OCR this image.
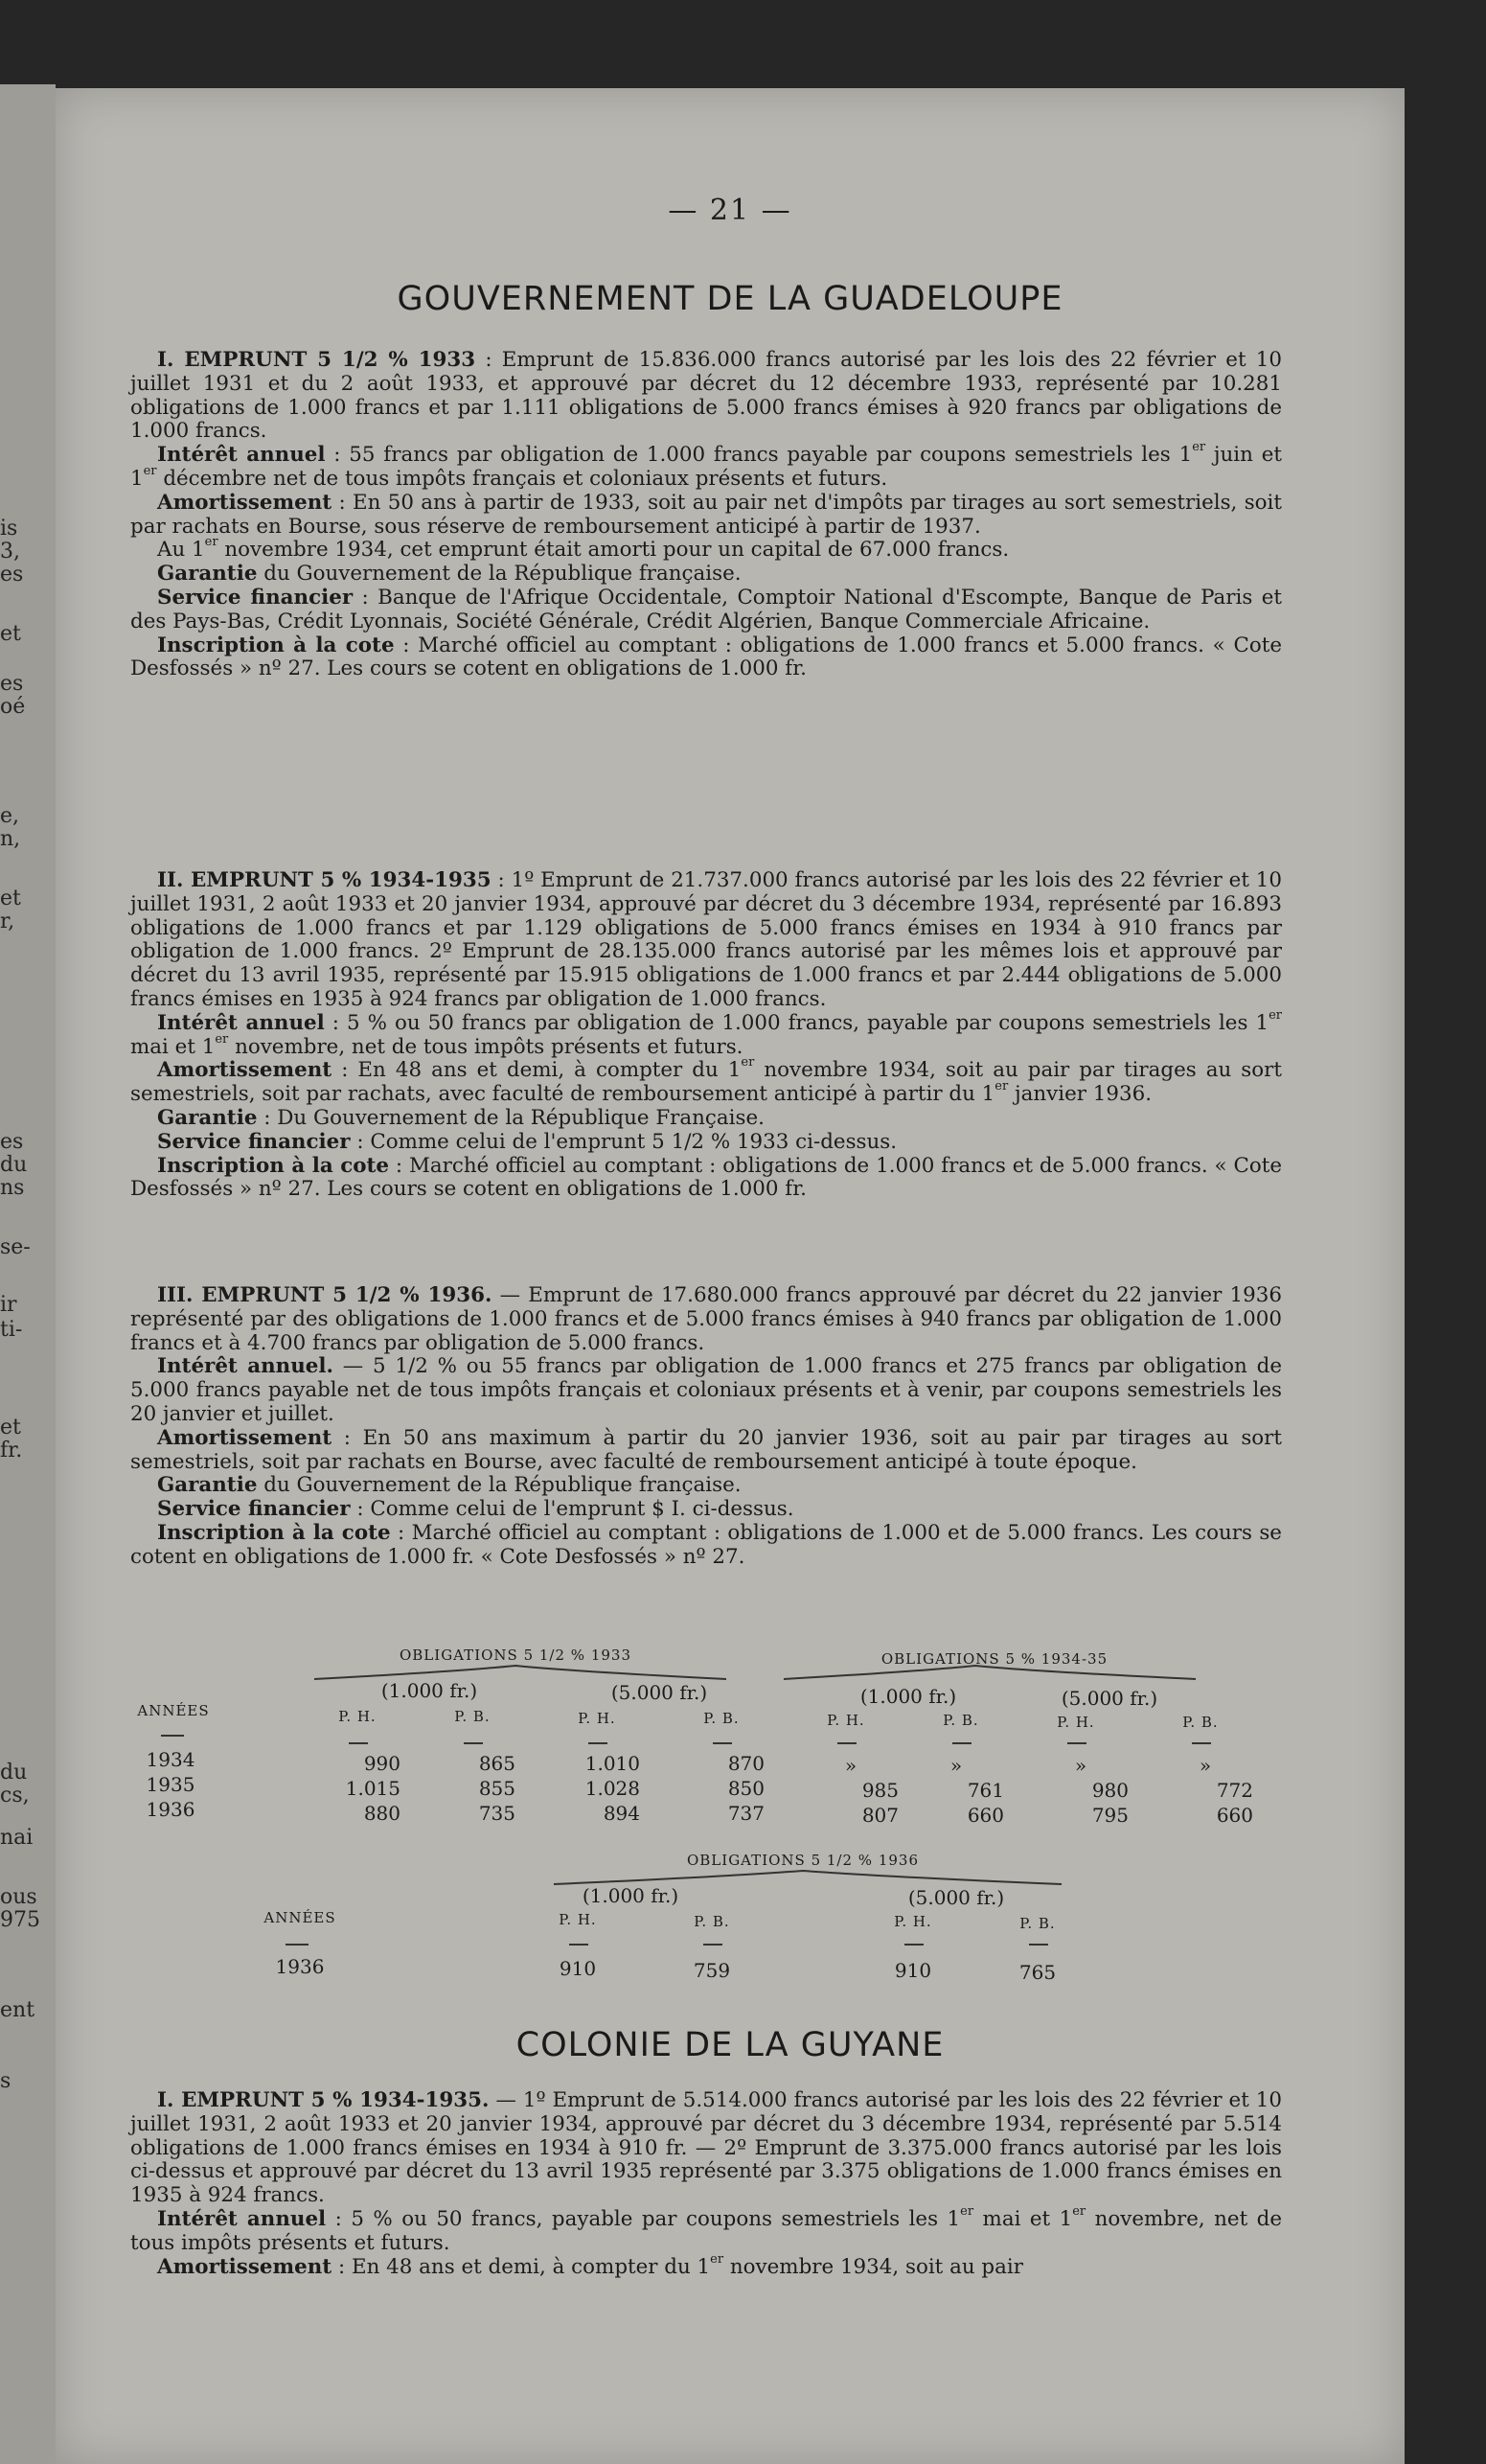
is
3,
es
et
es
oé
e,
n,
et
r,
es
du
ns
se-
ir
ti-
et
fr.
du
cs,
nai
ous
975
ent
s
— 21 —
GOUVERNEMENT DE LA GUADELOUPE

I. EMPRUNT 5 1/2 % 1933 : Emprunt de 15.836.000 francs autorisé par les lois des 22 février et 10 juillet 1931 et du 2 août 1933, et approuvé par décret du 12 décembre 1933, représenté par 10.281 obligations de 1.000 francs et par 1.111 obligations de 5.000 francs émises à 920 francs par obligations de 1.000 francs.

Intérêt annuel : 55 francs par obligation de 1.000 francs payable par coupons semestriels les 1er juin et 1er décembre net de tous impôts français et coloniaux présents et futurs.

Amortissement : En 50 ans à partir de 1933, soit au pair net d'impôts par tirages au sort semestriels, soit par rachats en Bourse, sous réserve de remboursement anticipé à partir de 1937.

Au 1er novembre 1934, cet emprunt était amorti pour un capital de 67.000 francs.

Garantie du Gouvernement de la République française.

Service financier : Banque de l'Afrique Occidentale, Comptoir National d'Escompte, Banque de Paris et des Pays-Bas, Crédit Lyonnais, Société Générale, Crédit Algérien, Banque Commerciale Africaine.

Inscription à la cote : Marché officiel au comptant : obligations de 1.000 francs et 5.000 francs. « Cote Desfossés » nº 27. Les cours se cotent en obligations de 1.000 fr.

II. EMPRUNT 5 % 1934-1935 : 1º Emprunt de 21.737.000 francs autorisé par les lois des 22 février et 10 juillet 1931, 2 août 1933 et 20 janvier 1934, approuvé par décret du 3 décembre 1934, représenté par 16.893 obligations de 1.000 francs et par 1.129 obligations de 5.000 francs émises en 1934 à 910 francs par obligation de 1.000 francs. 2º Emprunt de 28.135.000 francs autorisé par les mêmes lois et approuvé par décret du 13 avril 1935, représenté par 15.915 obligations de 1.000 francs et par 2.444 obligations de 5.000 francs émises en 1935 à 924 francs par obligation de 1.000 francs.

Intérêt annuel : 5 % ou 50 francs par obligation de 1.000 francs, payable par coupons semestriels les 1er mai et 1er novembre, net de tous impôts présents et futurs.

Amortissement : En 48 ans et demi, à compter du 1er novembre 1934, soit au pair par tirages au sort semestriels, soit par rachats, avec faculté de remboursement anticipé à partir du 1er janvier 1936.

Garantie : Du Gouvernement de la République Française.

Service financier : Comme celui de l'emprunt 5 1/2 % 1933 ci-dessus.

Inscription à la cote : Marché officiel au comptant : obligations de 1.000 francs et de 5.000 francs. « Cote Desfossés » nº 27. Les cours se cotent en obligations de 1.000 fr.

III. EMPRUNT 5 1/2 % 1936. — Emprunt de 17.680.000 francs approuvé par décret du 22 janvier 1936 représenté par des obligations de 1.000 francs et de 5.000 francs émises à 940 francs par obligation de 1.000 francs et à 4.700 francs par obligation de 5.000 francs.

Intérêt annuel. — 5 1/2 % ou 55 francs par obligation de 1.000 francs et 275 francs par obligation de 5.000 francs payable net de tous impôts français et coloniaux présents et à venir, par coupons semestriels les 20 janvier et juillet.

Amortissement : En 50 ans maximum à partir du 20 janvier 1936, soit au pair par tirages au sort semestriels, soit par rachats en Bourse, avec faculté de remboursement anticipé à toute époque.

Garantie du Gouvernement de la République française.

Service financier : Comme celui de l'emprunt $ I. ci-dessus.

Inscription à la cote : Marché officiel au comptant : obligations de 1.000 et de 5.000 francs. Les cours se cotent en obligations de 1.000 fr. « Cote Desfossés » nº 27.

OBLIGATIONS 5 1/2 % 1933	OBLIGATIONS 5 % 1934-35
(1.000 fr.)	(5.000 fr.)	(1.000 fr.)	(5.000 fr.)
ANNÉES	P. H.	P. B.	P. H.	P. B.	P. H.	P. B.	P. H.	P. B.
1934	990	865	1.010	870	»	»	»	»
1935	1.015	855	1.028	850	985	761	980	772
1936	880	735	894	737	807	660	795	660
OBLIGATIONS 5 1/2 % 1936
(1.000 fr.)	(5.000 fr.)
ANNÉES	P. H.	P. B.	P. H.	P. B.
1936	910	759	910	765
COLONIE DE LA GUYANE

I. EMPRUNT 5 % 1934-1935. — 1º Emprunt de 5.514.000 francs autorisé par les lois des 22 février et 10 juillet 1931, 2 août 1933 et 20 janvier 1934, approuvé par décret du 3 décembre 1934, représenté par 5.514 obligations de 1.000 francs émises en 1934 à 910 fr. — 2º Emprunt de 3.375.000 francs autorisé par les lois ci-dessus et approuvé par décret du 13 avril 1935 représenté par 3.375 obligations de 1.000 francs émises en 1935 à 924 francs.

Intérêt annuel : 5 % ou 50 francs, payable par coupons semestriels les 1er mai et 1er novembre, net de tous impôts présents et futurs.

Amortissement : En 48 ans et demi, à compter du 1er novembre 1934, soit au pair
